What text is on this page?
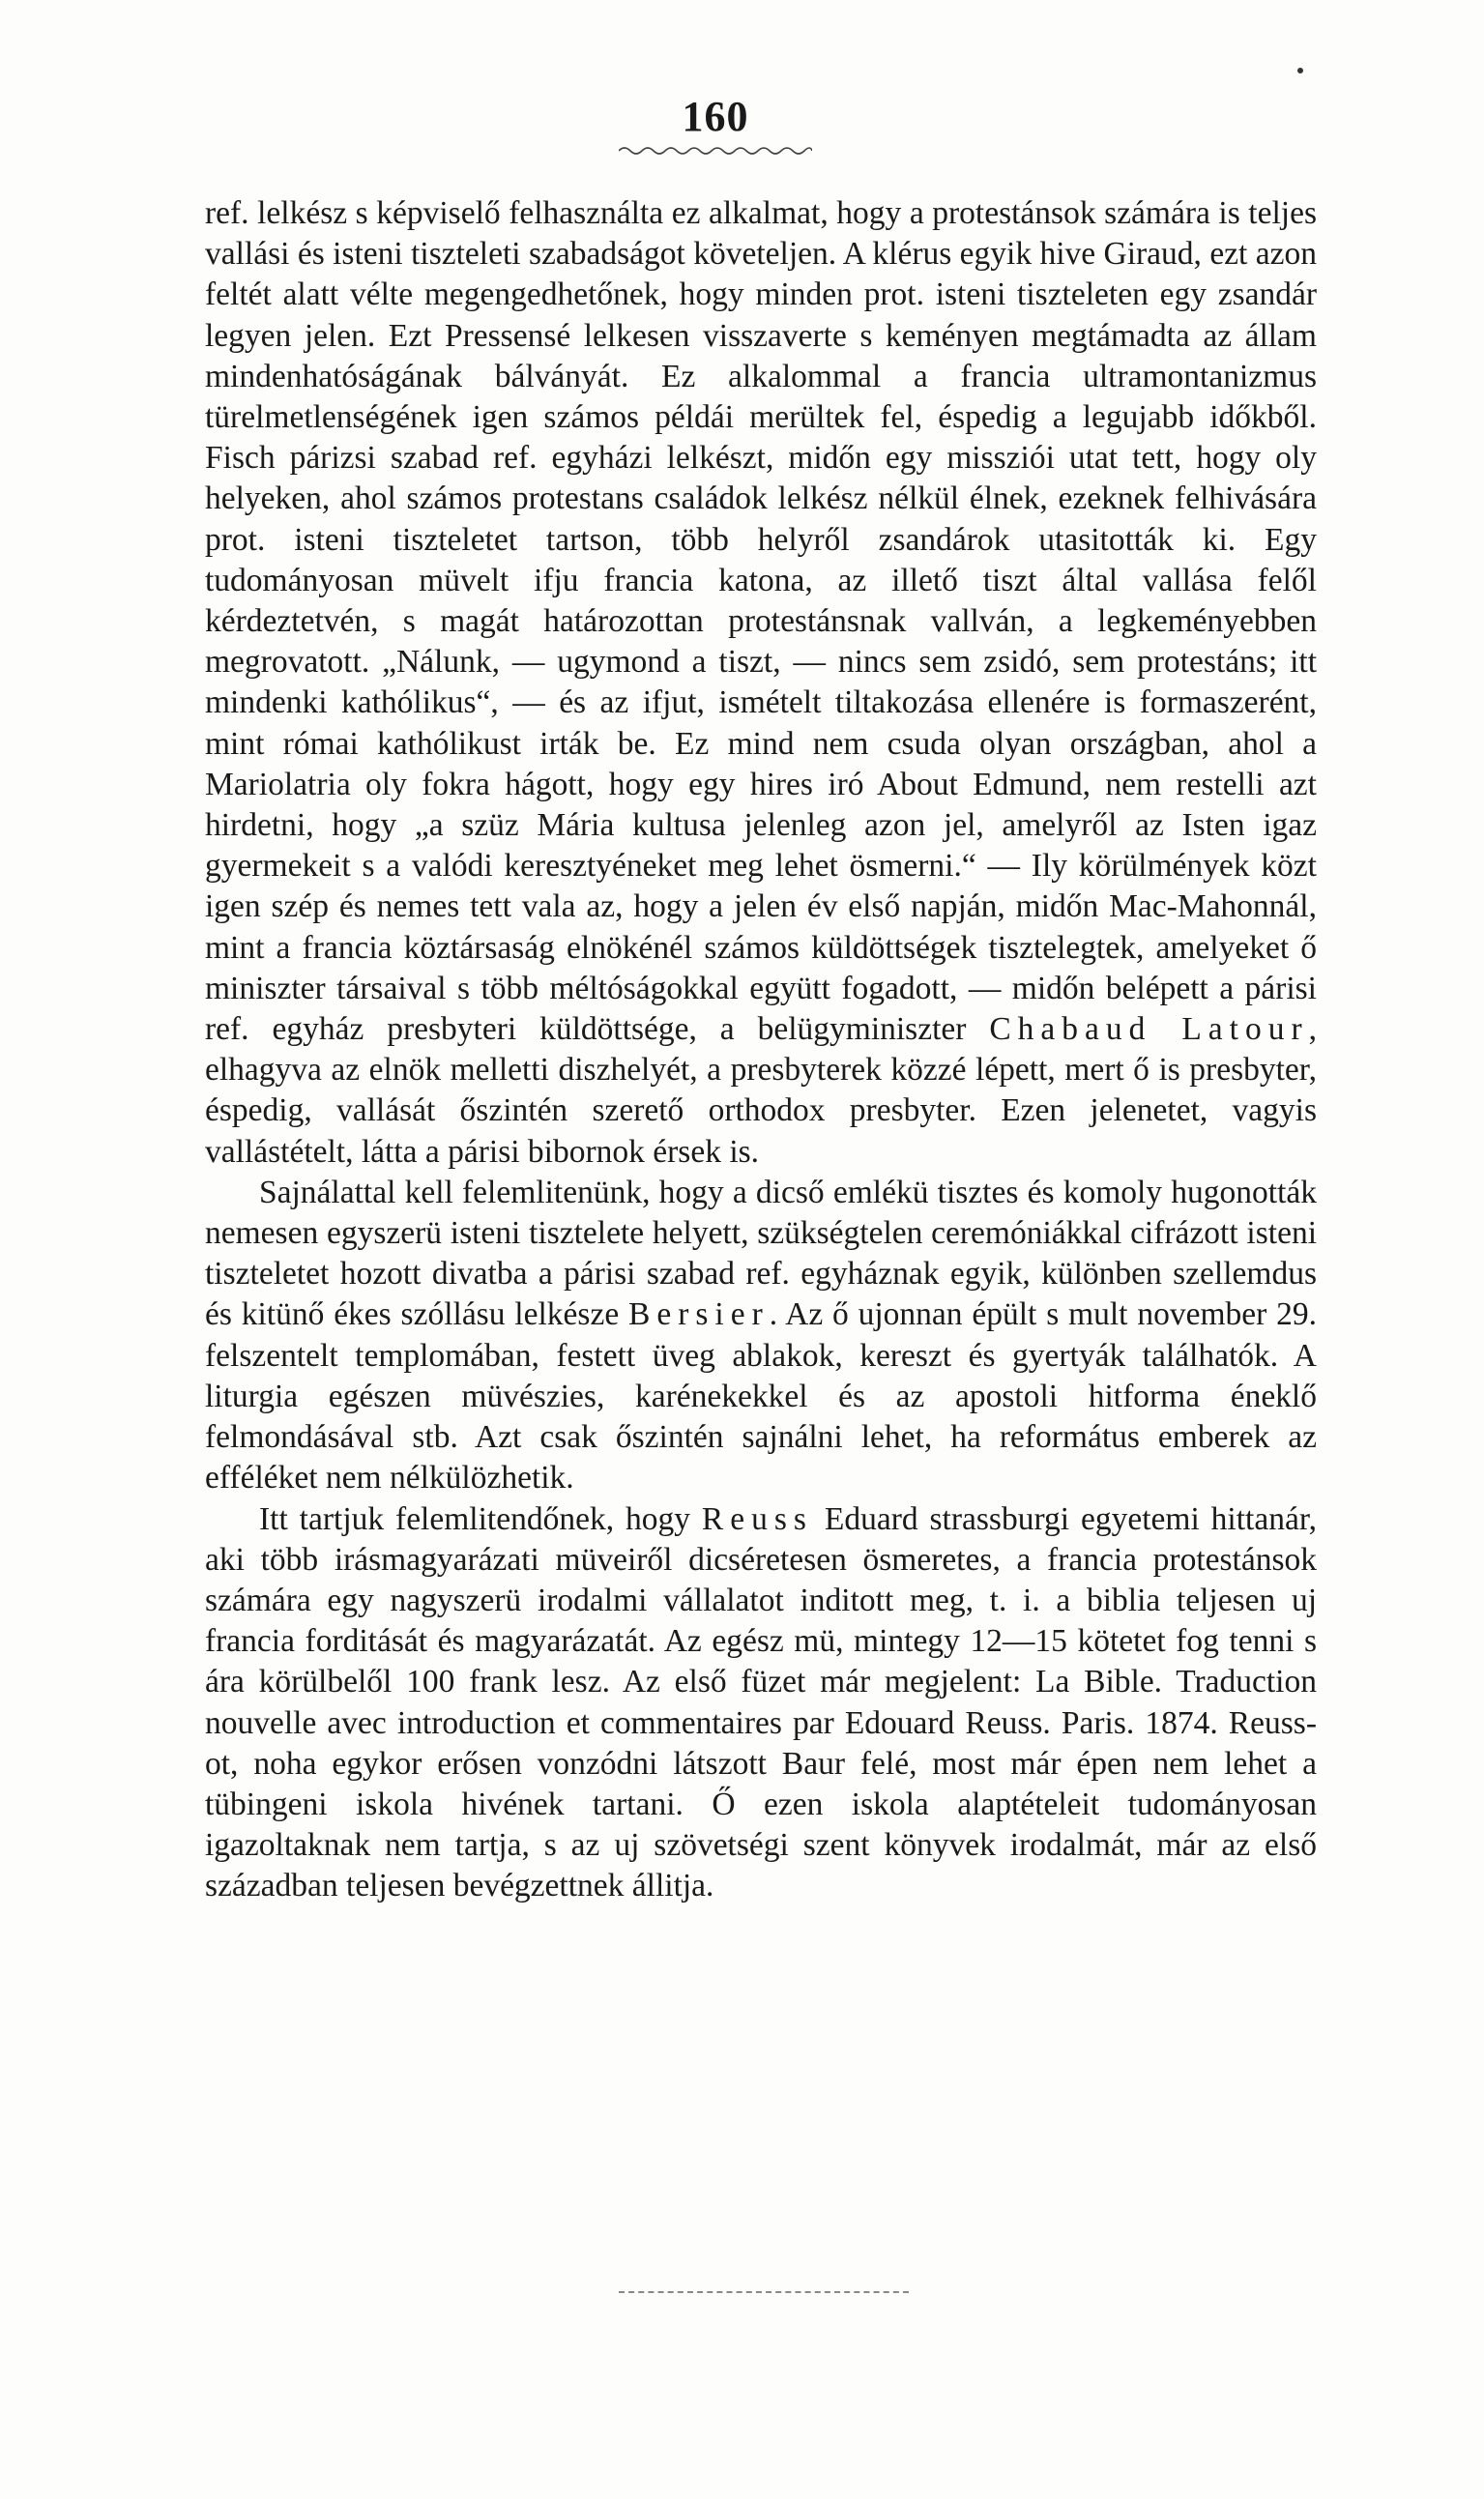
160

ref. lelkész s képviselő felhasználta ez alkalmat, hogy a protestánsok számára is teljes vallási és isteni tiszteleti szabadságot követeljen. A klérus egyik hive Giraud, ezt azon feltét alatt vélte megengedhetőnek, hogy minden prot. isteni tiszteleten egy zsandár legyen jelen. Ezt Pressensé lelkesen visszaverte s keményen megtámadta az állam mindenhatóságának bálványát. Ez alkalommal a francia ultramontanizmus türelmetlenségének igen számos példái merültek fel, éspedig a legujabb időkből. Fisch párizsi szabad ref. egyházi lelkészt, midőn egy missziói utat tett, hogy oly helyeken, ahol számos protestans családok lelkész nélkül élnek, ezeknek felhivására prot. isteni tiszteletet tartson, több helyről zsandárok utasitották ki. Egy tudományosan müvelt ifju francia katona, az illető tiszt által vallása felől kérdeztetvén, s magát határozottan protestánsnak vallván, a legkeményebben megrovatott. „Nálunk, — ugymond a tiszt, — nincs sem zsidó, sem protestáns; itt mindenki kathólikus“, — és az ifjut, ismételt tiltakozása ellenére is formaszerént, mint római kathólikust irták be. Ez mind nem csuda olyan országban, ahol a Mariolatria oly fokra hágott, hogy egy hires iró About Edmund, nem restelli azt hirdetni, hogy „a szüz Mária kultusa jelenleg azon jel, amelyről az Isten igaz gyermekeit s a valódi keresztyéneket meg lehet ösmerni.“ — Ily körülmények közt igen szép és nemes tett vala az, hogy a jelen év első napján, midőn Mac-Mahonnál, mint a francia köztársaság elnökénél számos küldöttségek tisztelegtek, amelyeket ő miniszter társaival s több méltóságokkal együtt fogadott, — midőn belépett a párisi ref. egyház presbyteri küldöttsége, a belügyminiszter Chabaud Latour, elhagyva az elnök melletti diszhelyét, a presbyterek közzé lépett, mert ő is presbyter, éspedig, vallását őszintén szerető orthodox presbyter. Ezen jelenetet, vagyis vallástételt, látta a párisi bibornok érsek is.

Sajnálattal kell felemlitenünk, hogy a dicső emlékü tisztes és komoly hugonották nemesen egyszerü isteni tisztelete helyett, szükségtelen ceremóniákkal cifrázott isteni tiszteletet hozott divatba a párisi szabad ref. egyháznak egyik, különben szellemdus és kitünő ékes szóllásu lelkésze Bersier. Az ő ujonnan épült s mult november 29. felszentelt templomában, festett üveg ablakok, kereszt és gyertyák találhatók. A liturgia egészen müvészies, karénekekkel és az apostoli hitforma éneklő felmondásával stb. Azt csak őszintén sajnálni lehet, ha református emberek az efféléket nem nélkülözhetik.

Itt tartjuk felemlitendőnek, hogy Reuss Eduard strassburgi egyetemi hittanár, aki több irásmagyarázati müveiről dicséretesen ösmeretes, a francia protestánsok számára egy nagyszerü irodalmi vállalatot inditott meg, t. i. a biblia teljesen uj francia forditását és magyarázatát. Az egész mü, mintegy 12—15 kötetet fog tenni s ára körülbelől 100 frank lesz. Az első füzet már megjelent: La Bible. Traduction nouvelle avec introduction et commentaires par Edouard Reuss. Paris. 1874. Reuss-ot, noha egykor erősen vonzódni látszott Baur felé, most már épen nem lehet a tübingeni iskola hivének tartani. Ő ezen iskola alaptételeit tudományosan igazoltaknak nem tartja, s az uj szövetségi szent könyvek irodalmát, már az első században teljesen bevégzettnek állitja.
